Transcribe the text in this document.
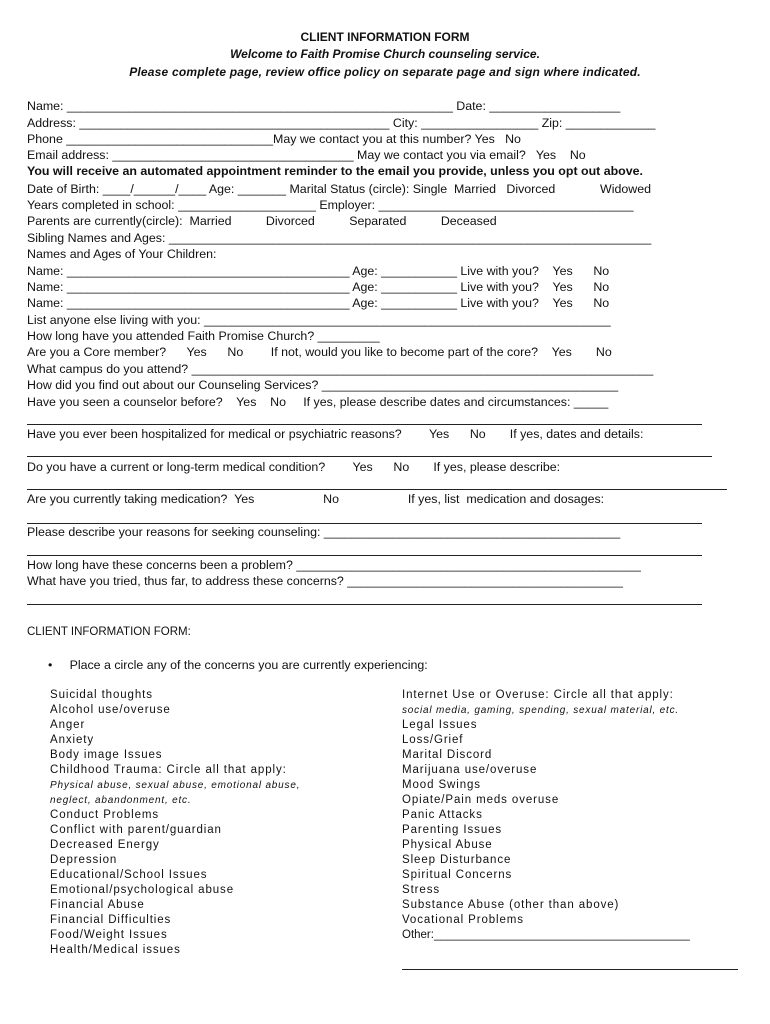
CLIENT INFORMATION FORM
Welcome to Faith Promise Church counseling service.
Please complete page, review office policy on separate page and sign where indicated.
Name: ________________________________________________________ Date: ___________________
Address: _____________________________________________ City: _________________ Zip: _____________
Phone ______________________________May we contact you at this number? Yes   No
Email address: ___________________________________ May we contact you via email?   Yes    No
You will receive an automated appointment reminder to the email you provide, unless you opt out above.
Date of Birth: ____/______/____ Age: _______ Marital Status (circle): Single  Married   Divorced             Widowed
Years completed in school: ____________________ Employer: _____________________________________
Parents are currently(circle):  Married          Divorced          Separated          Deceased
Sibling Names and Ages: ______________________________________________________________________
Names and Ages of Your Children:
Name: _________________________________________ Age: ___________ Live with you?    Yes      No
Name: _________________________________________ Age: ___________ Live with you?    Yes      No
Name: _________________________________________ Age: ___________ Live with you?    Yes      No
List anyone else living with you: ___________________________________________________________
How long have you attended Faith Promise Church? _________
Are you a Core member?      Yes      No        If not, would you like to become part of the core?    Yes       No
What campus do you attend? ___________________________________________________________________
How did you find out about our Counseling Services? ___________________________________________
Have you seen a counselor before?    Yes    No     If yes, please describe dates and circumstances: _____
Have you ever been hospitalized for medical or psychiatric reasons?        Yes      No       If yes, dates and details:
Do you have a current or long-term medical condition?        Yes      No       If yes, please describe:
Are you currently taking medication?  Yes                    No                    If yes, list  medication and dosages:
Please describe your reasons for seeking counseling: ___________________________________________
How long have these concerns been a problem? __________________________________________________
What have you tried, thus far, to address these concerns? ________________________________________
CLIENT INFORMATION FORM:
•     Place a circle any of the concerns you are currently experiencing:
Suicidal thoughts
Alcohol use/overuse
Anger
Anxiety
Body image Issues
Childhood Trauma: Circle all that apply:
Physical abuse, sexual abuse, emotional abuse,
neglect, abandonment, etc.
Conduct Problems
Conflict with parent/guardian
Decreased Energy
Depression
Educational/School Issues
Emotional/psychological abuse
Financial Abuse
Financial Difficulties
Food/Weight Issues
Health/Medical issues
Internet Use or Overuse: Circle all that apply:
social media, gaming, spending, sexual material, etc.
Legal Issues
Loss/Grief
Marital Discord
Marijuana use/overuse
Mood Swings
Opiate/Pain meds overuse
Panic Attacks
Parenting Issues
Physical Abuse
Sleep Disturbance
Spiritual Concerns
Stress
Substance Abuse (other than above)
Vocational Problems
Other:________________________________________
